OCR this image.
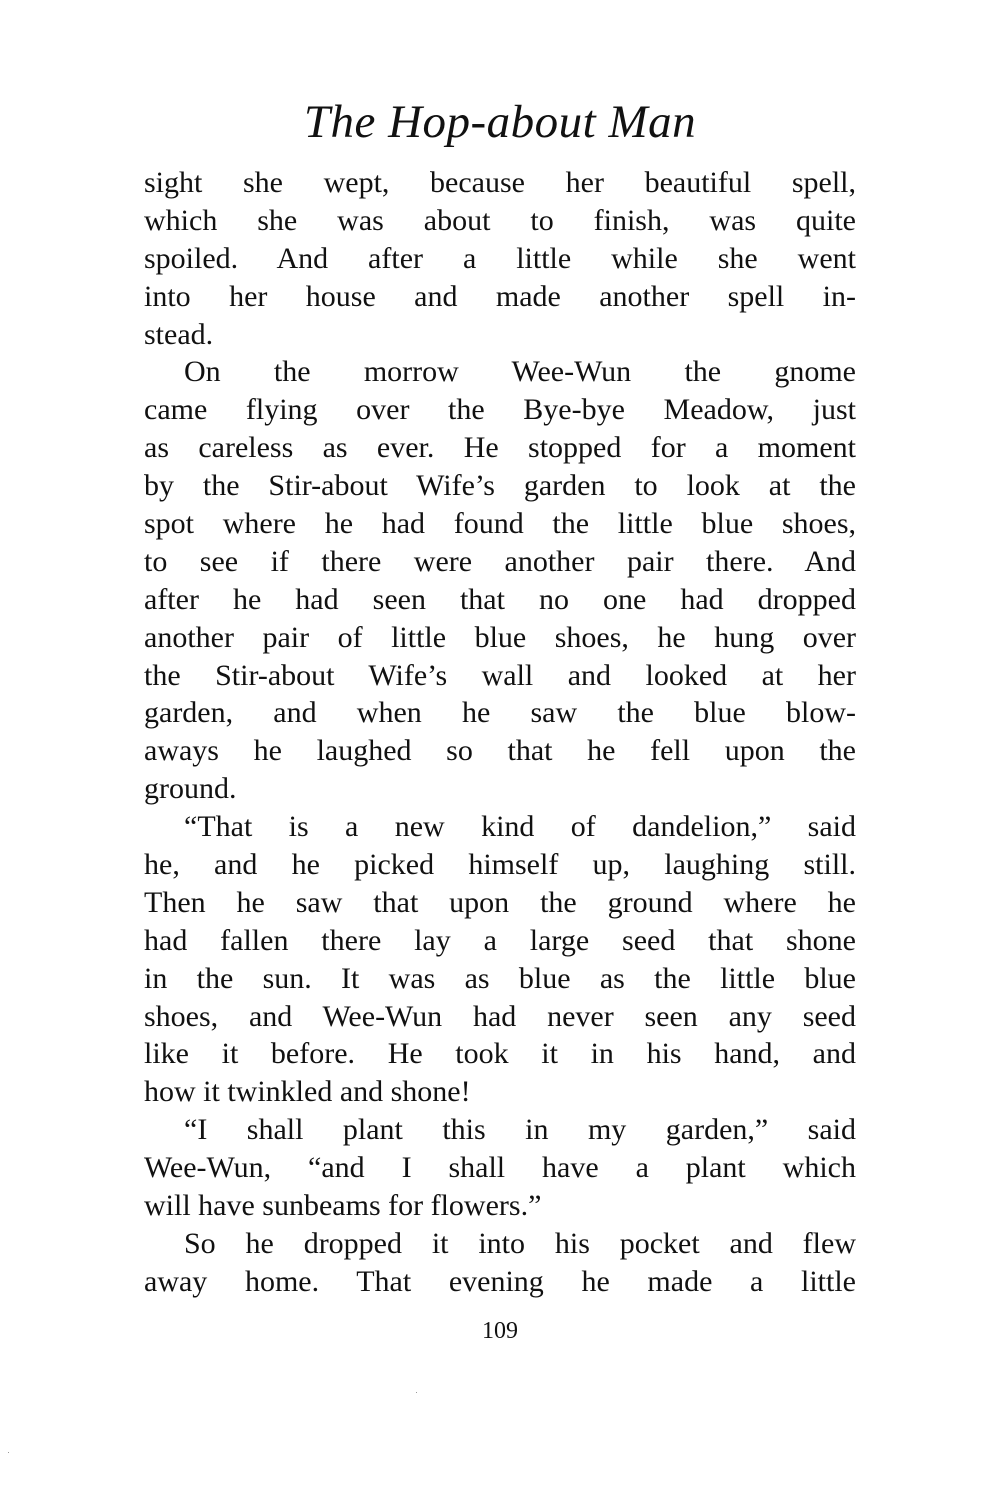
The Hop-about Man
sight she wept, because her beautiful spell,
which she was about to finish, was quite
spoiled. And after a little while she went
into her house and made another spell in-
stead.
On the morrow Wee-Wun the gnome
came flying over the Bye-bye Meadow, just
as careless as ever. He stopped for a moment
by the Stir-about Wife’s garden to look at the
spot where he had found the little blue shoes,
to see if there were another pair there. And
after he had seen that no one had dropped
another pair of little blue shoes, he hung over
the Stir-about Wife’s wall and looked at her
garden, and when he saw the blue blow-
aways he laughed so that he fell upon the
ground.
“That is a new kind of dandelion,” said
he, and he picked himself up, laughing still.
Then he saw that upon the ground where he
had fallen there lay a large seed that shone
in the sun. It was as blue as the little blue
shoes, and Wee-Wun had never seen any seed
like it before. He took it in his hand, and
how it twinkled and shone!
“I shall plant this in my garden,” said
Wee-Wun, “and I shall have a plant which
will have sunbeams for flowers.”
So he dropped it into his pocket and flew
away home. That evening he made a little
109
